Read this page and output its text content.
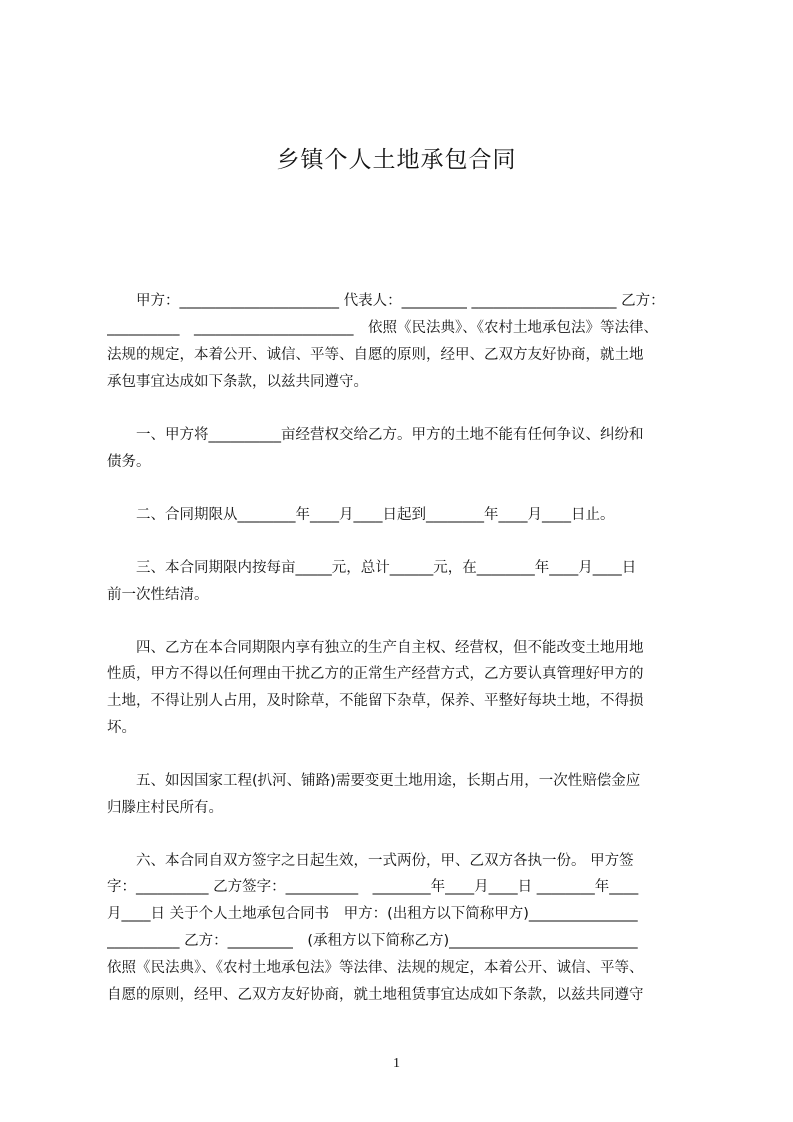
乡镇个人土地承包合同
　　甲方：______________________ 代表人：_________ ____________________ 乙方：
__________　______________________　依照《民法典》、《农村土地承包法》等法律、
法规的规定，本着公开、诚信、平等、自愿的原则，经甲、乙双方友好协商，就土地
承包事宜达成如下条款，以兹共同遵守。
　　一、甲方将__________亩经营权交给乙方。甲方的土地不能有任何争议、纠纷和
债务。
　　二、合同期限从________年____月____日起到________年____月____日止。
　　三、本合同期限内按每亩_____元，总计______元，在________年____月____日
前一次性结清。
　　四、乙方在本合同期限内享有独立的生产自主权、经营权，但不能改变土地用地
性质，甲方不得以任何理由干扰乙方的正常生产经营方式，乙方要认真管理好甲方的
土地，不得让别人占用，及时除草，不能留下杂草，保养、平整好每块土地，不得损
坏。
　　五、如因国家工程(扒河、铺路)需要变更土地用途，长期占用，一次性赔偿金应
归滕庄村民所有。
　　六、本合同自双方签字之日起生效，一式两份，甲、乙双方各执一份。 甲方签
字：__________ 乙方签字：__________　________年____月____日 ________年____
月____日 关于个人土地承包合同书　甲方：(出租方以下简称甲方)_______________
__________ 乙方：_________　(承租方以下简称乙方)__________________________
依照《民法典》、《农村土地承包法》等法律、法规的规定，本着公开、诚信、平等、
自愿的原则，经甲、乙双方友好协商，就土地租赁事宜达成如下条款，以兹共同遵守
1
